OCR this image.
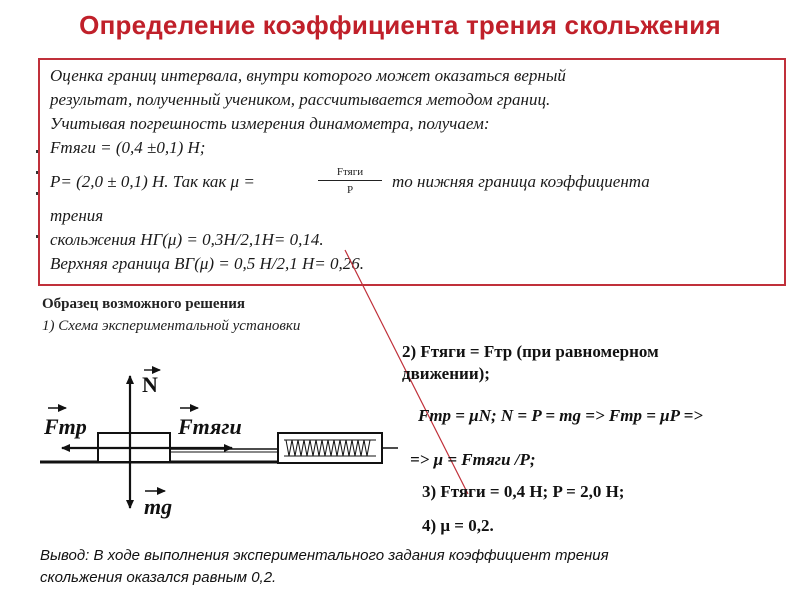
Определение коэффициента трения скольжения
Оценка границ интервала, внутри которого может оказаться верный
результат, полученный учеником, рассчитывается методом границ.
Учитывая погрешность измерения динамометра, получаем:
Fтяги = (0,4 ±0,1) Н;
P= (2,0 ± 0,1) Н. Так как μ =	Fтяги
P	то нижняя граница коэффициента
трения
скольжения НГ(μ) = 0,3Н/2,1Н= 0,14.
Верхняя граница ВГ(μ) = 0,5 Н/2,1 Н= 0,26.
Образец возможного решения
1) Схема экспериментальной установки
N
Fтр	Fтяги
mg
2) Fтяги = Fтр (при равномерном
движении);
Fтр = μN; N = P = mg => Fтр = μP =>
=> μ = Fтяги /P;
3) Fтяги = 0,4 Н; P = 2,0 Н;
4) μ = 0,2.
Вывод: В ходе выполнения экспериментального задания коэффициент трения
скольжения оказался равным 0,2.
